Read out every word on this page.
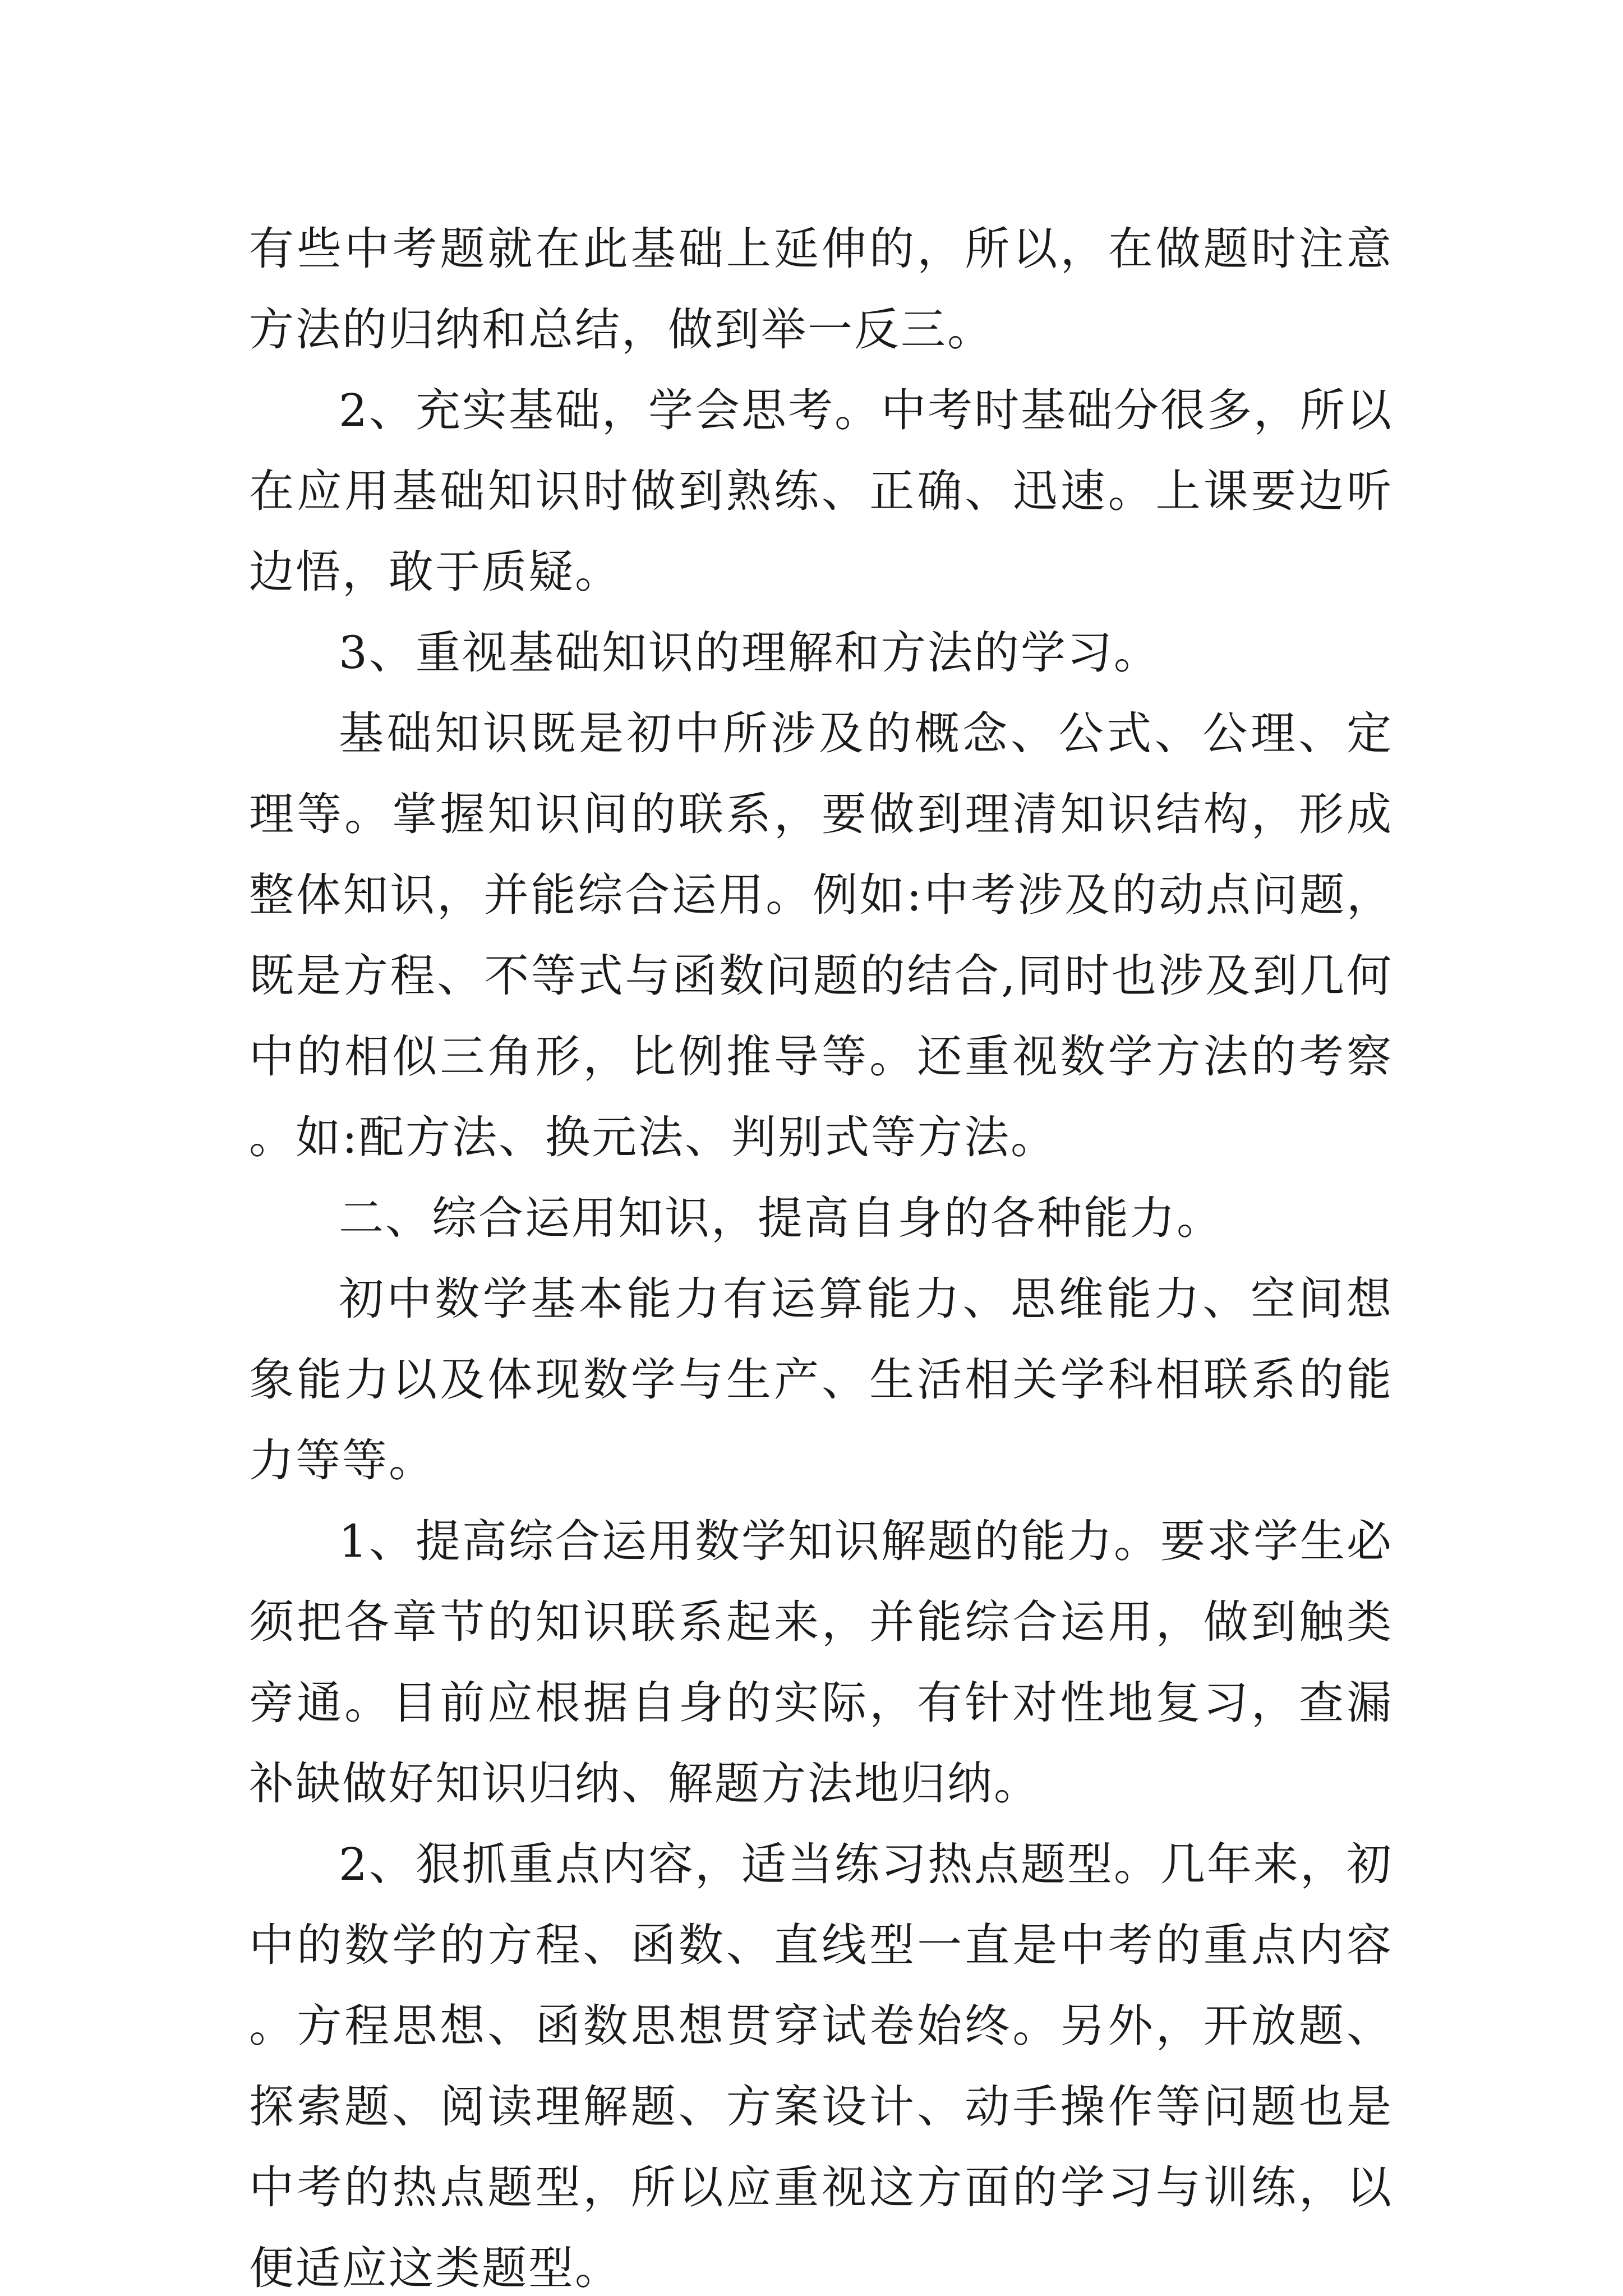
有些中考题就在此基础上延伸的，所以，在做题时注意方法的归纳和总结，做到举一反三。

2、充实基础，学会思考。中考时基础分很多，所以在应用基础知识时做到熟练、正确、迅速。上课要边听边悟，敢于质疑。

3、重视基础知识的理解和方法的学习。

基础知识既是初中所涉及的概念、公式、公理、定理等。掌握知识间的联系，要做到理清知识结构，形成整体知识，并能综合运用。例如:中考涉及的动点问题，既是方程、不等式与函数问题的结合,同时也涉及到几何中的相似三角形，比例推导等。还重视数学方法的考察。如:配方法、换元法、判别式等方法。

二、综合运用知识，提高自身的各种能力。

初中数学基本能力有运算能力、思维能力、空间想象能力以及体现数学与生产、生活相关学科相联系的能力等等。

1、提高综合运用数学知识解题的能力。要求学生必须把各章节的知识联系起来，并能综合运用，做到触类旁通。目前应根据自身的实际，有针对性地复习，查漏补缺做好知识归纳、解题方法地归纳。

2、狠抓重点内容，适当练习热点题型。几年来，初中的数学的方程、函数、直线型一直是中考的重点内容。方程思想、函数思想贯穿试卷始终。另外，开放题、探索题、阅读理解题、方案设计、动手操作等问题也是中考的热点题型，所以应重视这方面的学习与训练，以便适应这类题型。
